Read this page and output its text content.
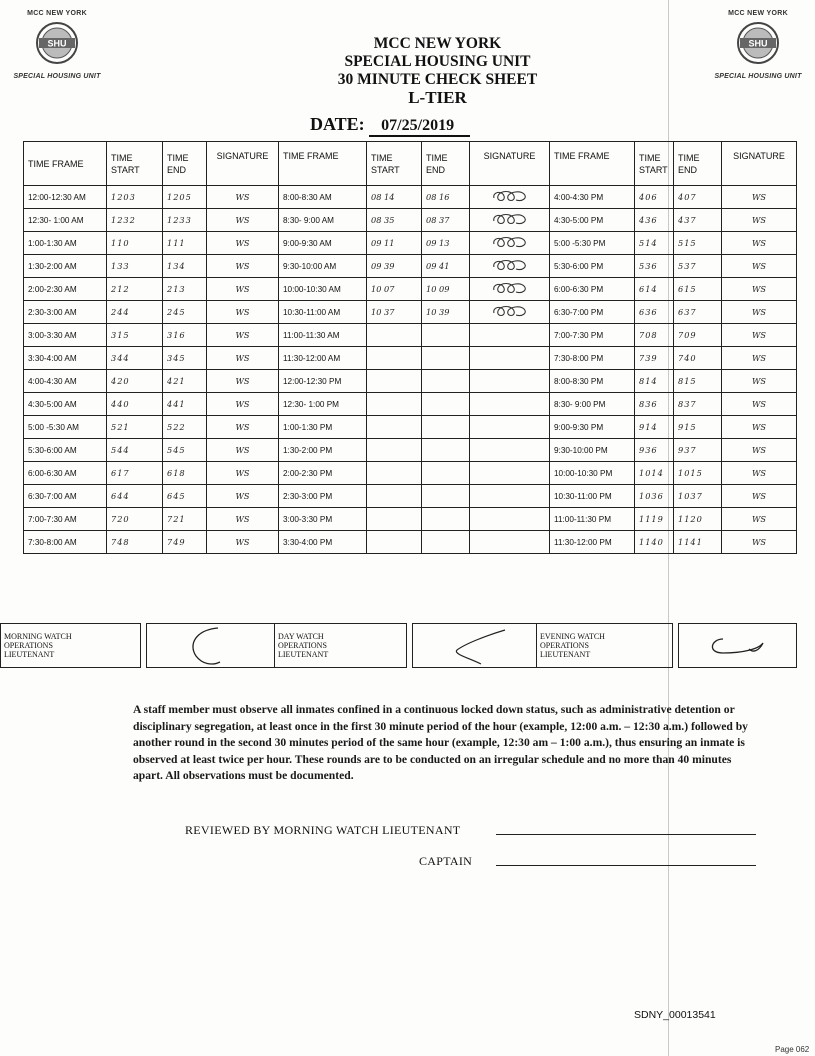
MCC NEW YORK
SHU
SPECIAL HOUSING UNIT
MCC NEW YORK
SHU
SPECIAL HOUSING UNIT
MCC NEW YORK
SPECIAL HOUSING UNIT
30 MINUTE CHECK SHEET
L-TIER
DATE: 07/25/2019
TIME FRAME	TIME START	TIME END	SIGNATURE	TIME FRAME	TIME START	TIME END	SIGNATURE	TIME FRAME	TIME START	TIME END	SIGNATURE
12:00-12:30 AM	1203	1205	WS	8:00-8:30 AM	08 14	08 16		4:00-4:30 PM	406	407	WS
12:30- 1:00 AM	1232	1233	WS	8:30- 9:00 AM	08 35	08 37		4:30-5:00 PM	436	437	WS
1:00-1:30 AM	110	111	WS	9:00-9:30 AM	09 11	09 13		5:00 -5:30 PM	514	515	WS
1:30-2:00 AM	133	134	WS	9:30-10:00 AM	09 39	09 41		5:30-6:00 PM	536	537	WS
2:00-2:30 AM	212	213	WS	10:00-10:30 AM	10 07	10 09		6:00-6:30 PM	614	615	WS
2:30-3:00 AM	244	245	WS	10:30-11:00 AM	10 37	10 39		6:30-7:00 PM	636	637	WS
3:00-3:30 AM	315	316	WS	11:00-11:30 AM				7:00-7:30 PM	708	709	WS
3:30-4:00 AM	344	345	WS	11:30-12:00 AM				7:30-8:00 PM	739	740	WS
4:00-4:30 AM	420	421	WS	12:00-12:30 PM				8:00-8:30 PM	814	815	WS
4:30-5:00 AM	440	441	WS	12:30- 1:00 PM				8:30- 9:00 PM	836	837	WS
5:00 -5:30 AM	521	522	WS	1:00-1:30 PM				9:00-9:30 PM	914	915	WS
5:30-6:00 AM	544	545	WS	1:30-2:00 PM				9:30-10:00 PM	936	937	WS
6:00-6:30 AM	617	618	WS	2:00-2:30 PM				10:00-10:30 PM	1014	1015	WS
6:30-7:00 AM	644	645	WS	2:30-3:00 PM				10:30-11:00 PM	1036	1037	WS
7:00-7:30 AM	720	721	WS	3:00-3:30 PM				11:00-11:30 PM	1119	1120	WS
7:30-8:00 AM	748	749	WS	3:30-4:00 PM				11:30-12:00 PM	1140	1141	WS
MORNING WATCH
OPERATIONS
LIEUTENANT

DAY WATCH
OPERATIONS
LIEUTENANT

EVENING WATCH
OPERATIONS
LIEUTENANT

A staff member must observe all inmates confined in a continuous locked down status, such as administrative detention or disciplinary segregation, at least once in the first 30 minute period of the hour (example, 12:00 a.m. – 12:30 a.m.) followed by another round in the second 30 minutes period of the same hour (example, 12:30 am – 1:00 a.m.), thus ensuring an inmate is observed at least twice per hour. These rounds are to be conducted on an irregular schedule and no more than 40 minutes apart. All observations must be documented.
REVIEWED BY MORNING WATCH LIEUTENANT
CAPTAIN
SDNY_00013541
Page 062
